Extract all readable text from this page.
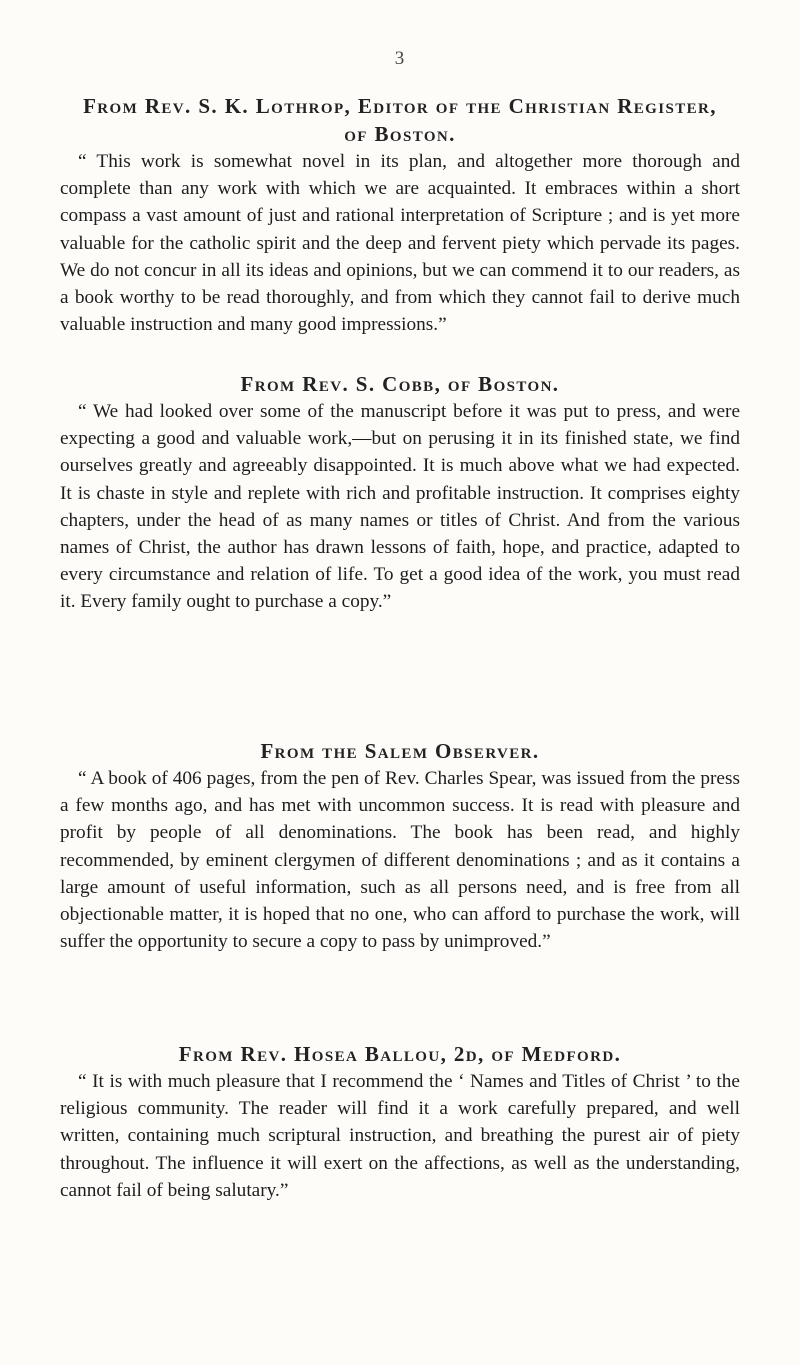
3
From Rev. S. K. Lothrop, Editor of the Christian Register,
of Boston.

“ This work is somewhat novel in its plan, and altogether more thorough and complete than any work with which we are acquainted. It embraces within a short compass a vast amount of just and rational interpretation of Scripture ; and is yet more valuable for the catholic spirit and the deep and fervent piety which pervade its pages. We do not concur in all its ideas and opinions, but we can commend it to our readers, as a book worthy to be read thoroughly, and from which they cannot fail to derive much valuable instruction and many good impressions.”

From Rev. S. Cobb, of Boston.

“ We had looked over some of the manuscript before it was put to press, and were expecting a good and valuable work,—but on perusing it in its finished state, we find ourselves greatly and agreeably disappointed. It is much above what we had expected. It is chaste in style and replete with rich and profitable instruction. It comprises eighty chapters, under the head of as many names or titles of Christ. And from the various names of Christ, the author has drawn lessons of faith, hope, and practice, adapted to every circumstance and relation of life. To get a good idea of the work, you must read it. Every family ought to purchase a copy.”

From the Salem Observer.

“ A book of 406 pages, from the pen of Rev. Charles Spear, was issued from the press a few months ago, and has met with uncommon success. It is read with pleasure and profit by people of all denominations. The book has been read, and highly recommended, by eminent clergymen of different denominations ; and as it contains a large amount of useful information, such as all persons need, and is free from all objectionable matter, it is hoped that no one, who can afford to purchase the work, will suffer the opportunity to secure a copy to pass by unimproved.”

From Rev. Hosea Ballou, 2d, of Medford.

“ It is with much pleasure that I recommend the ‘ Names and Titles of Christ ’ to the religious community. The reader will find it a work carefully prepared, and well written, containing much scriptural instruction, and breathing the purest air of piety throughout. The influence it will exert on the affections, as well as the understanding, cannot fail of being salutary.”
